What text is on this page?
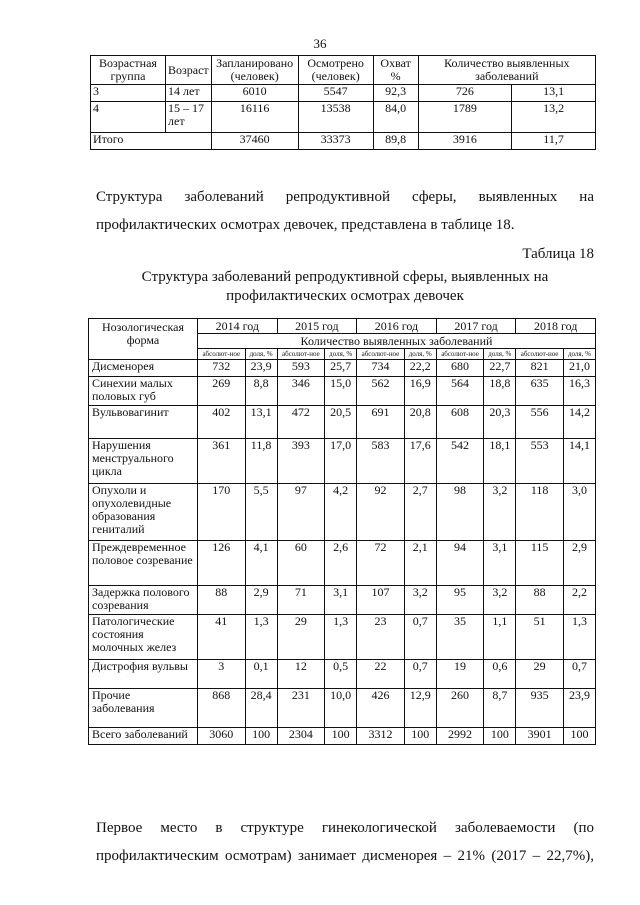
36
Возрастная группа	Возраст	Запланировано (человек)	Осмотрено (человек)	Охват %	Количество выявленных заболеваний	
3	14 лет	6010	5547	92,3	726	13,1
4	15 – 17 лет	16116	13538	84,0	1789	13,2
Итого		37460	33373	89,8	3916	11,7
Структура заболеваний репродуктивной сферы, выявленных на
профилактических осмотрах девочек, представлена в таблице 18.
Таблица 18
Структура заболеваний репродуктивной сферы, выявленных на
профилактических осмотрах девочек
Нозологическая форма	2014 год		2015 год		2016 год		2017 год		2018 год	
	Количество выявленных заболеваний									
	абсолют-ное	доля, %	абсолют-ное	доля, %	абсолют-ное	доля, %	абсолют-ное	доля, %	абсолют-ное	доля, %
Дисменорея	732	23,9	593	25,7	734	22,2	680	22,7	821	21,0
Синехии малых половых губ	269	8,8	346	15,0	562	16,9	564	18,8	635	16,3
Вульвовагинит	402	13,1	472	20,5	691	20,8	608	20,3	556	14,2
Нарушения менструального цикла	361	11,8	393	17,0	583	17,6	542	18,1	553	14,1
Опухоли и опухолевидные образования гениталий	170	5,5	97	4,2	92	2,7	98	3,2	118	3,0
Преждевременное половое созревание	126	4,1	60	2,6	72	2,1	94	3,1	115	2,9
Задержка полового созревания	88	2,9	71	3,1	107	3,2	95	3,2	88	2,2
Патологические состояния молочных желез	41	1,3	29	1,3	23	0,7	35	1,1	51	1,3
Дистрофия вульвы	3	0,1	12	0,5	22	0,7	19	0,6	29	0,7
Прочие заболевания	868	28,4	231	10,0	426	12,9	260	8,7	935	23,9
Всего заболеваний	3060	100	2304	100	3312	100	2992	100	3901	100
Первое место в структуре гинекологической заболеваемости (по
профилактическим осмотрам) занимает дисменорея – 21% (2017 – 22,7%),
